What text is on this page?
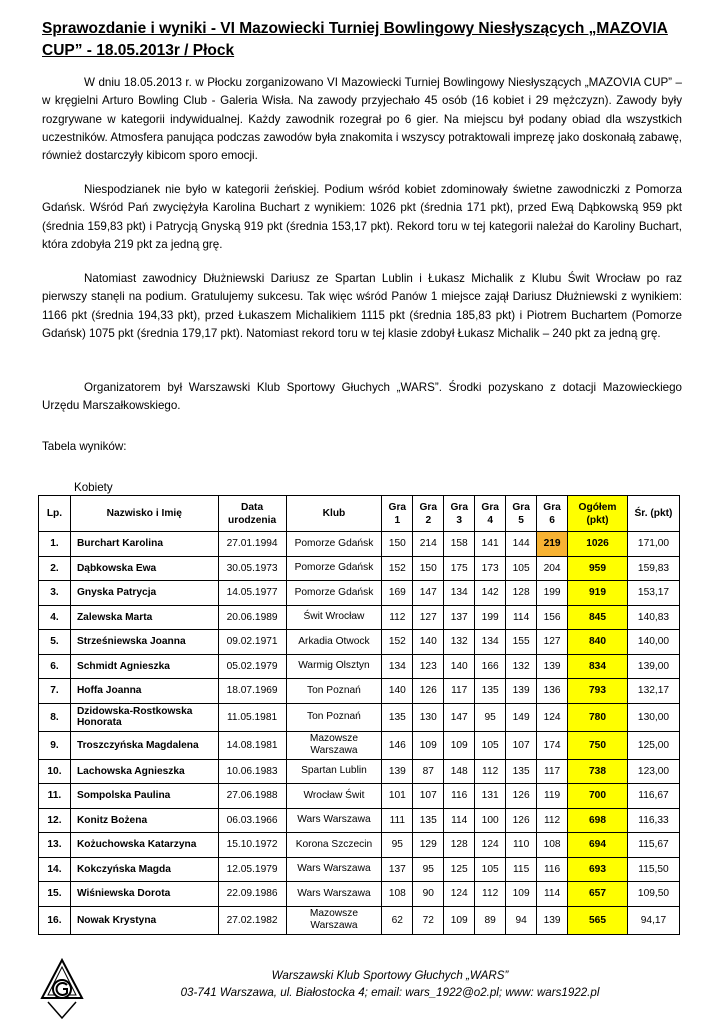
Sprawozdanie i wyniki - VI Mazowiecki Turniej Bowlingowy Niesłyszących „MAZOVIA CUP” - 18.05.2013r / Płock
W dniu 18.05.2013 r. w Płocku zorganizowano VI Mazowiecki Turniej Bowlingowy Niesłyszących „MAZOVIA CUP” – w kręgielni Arturo Bowling Club - Galeria Wisła. Na zawody przyjechało 45 osób (16 kobiet i 29 mężczyzn). Zawody były rozgrywane w kategorii indywidualnej. Każdy zawodnik rozegrał po 6 gier. Na miejscu był podany obiad dla wszystkich uczestników. Atmosfera panująca podczas zawodów była znakomita i wszyscy potraktowali imprezę jako doskonałą zabawę, również dostarczyły kibicom sporo emocji.
Niespodzianek nie było w kategorii żeńskiej. Podium wśród kobiet zdominowały świetne zawodniczki z Pomorza Gdańsk. Wśród Pań zwyciężyła Karolina Buchart z wynikiem: 1026 pkt (średnia 171 pkt), przed Ewą Dąbkowską 959 pkt (średnia 159,83 pkt) i Patrycją Gnyską 919 pkt (średnia 153,17 pkt). Rekord toru w tej kategorii należał do Karoliny Buchart, która zdobyła 219 pkt za jedną grę.
Natomiast zawodnicy Dłużniewski Dariusz ze Spartan Lublin i Łukasz Michalik z Klubu Świt Wrocław po raz pierwszy stanęli na podium. Gratulujemy sukcesu. Tak więc wśród Panów 1 miejsce zajął Dariusz Dłużniewski z wynikiem: 1166 pkt (średnia 194,33 pkt), przed Łukaszem Michalikiem 1115 pkt (średnia 185,83 pkt) i Piotrem Buchartem (Pomorze Gdańsk) 1075 pkt (średnia 179,17 pkt). Natomiast rekord toru w tej klasie zdobył Łukasz Michalik – 240 pkt za jedną grę.
Organizatorem był Warszawski Klub Sportowy Głuchych „WARS”. Środki pozyskano z dotacji Mazowieckiego Urzędu Marszałkowskiego.
Tabela wyników:
Kobiety
Lp.	Nazwisko i Imię	Data urodzenia	Klub	Gra 1	Gra 2	Gra 3	Gra 4	Gra 5	Gra 6	Ogółem (pkt)	Śr. (pkt)
1.	Burchart Karolina	27.01.1994	Pomorze Gdańsk	150	214	158	141	144	219	1026	171,00
2.	Dąbkowska Ewa	30.05.1973	Pomorze Gdańsk	152	150	175	173	105	204	959	159,83
3.	Gnyska Patrycja	14.05.1977	Pomorze Gdańsk	169	147	134	142	128	199	919	153,17
4.	Zalewska Marta	20.06.1989	Świt Wrocław	112	127	137	199	114	156	845	140,83
5.	Strześniewska Joanna	09.02.1971	Arkadia Otwock	152	140	132	134	155	127	840	140,00
6.	Schmidt Agnieszka	05.02.1979	Warmig Olsztyn	134	123	140	166	132	139	834	139,00
7.	Hoffa Joanna	18.07.1969	Ton Poznań	140	126	117	135	139	136	793	132,17
8.	Dzidowska-Rostkowska Honorata	11.05.1981	Ton Poznań	135	130	147	95	149	124	780	130,00
9.	Troszczyńska Magdalena	14.08.1981	Mazowsze Warszawa	146	109	109	105	107	174	750	125,00
10.	Lachowska Agnieszka	10.06.1983	Spartan Lublin	139	87	148	112	135	117	738	123,00
11.	Sompolska Paulina	27.06.1988	Wrocław Świt	101	107	116	131	126	119	700	116,67
12.	Konitz Bożena	06.03.1966	Wars Warszawa	111	135	114	100	126	112	698	116,33
13.	Kożuchowska Katarzyna	15.10.1972	Korona Szczecin	95	129	128	124	110	108	694	115,67
14.	Kokczyńska Magda	12.05.1979	Wars Warszawa	137	95	125	105	115	116	693	115,50
15.	Wiśniewska Dorota	22.09.1986	Wars Warszawa	108	90	124	112	109	114	657	109,50
16.	Nowak Krystyna	27.02.1982	Mazowsze Warszawa	62	72	109	89	94	139	565	94,17
Warszawski Klub Sportowy Głuchych „WARS”
03-741 Warszawa, ul. Białostocka 4; email: wars_1922@o2.pl; www: wars1922.pl
